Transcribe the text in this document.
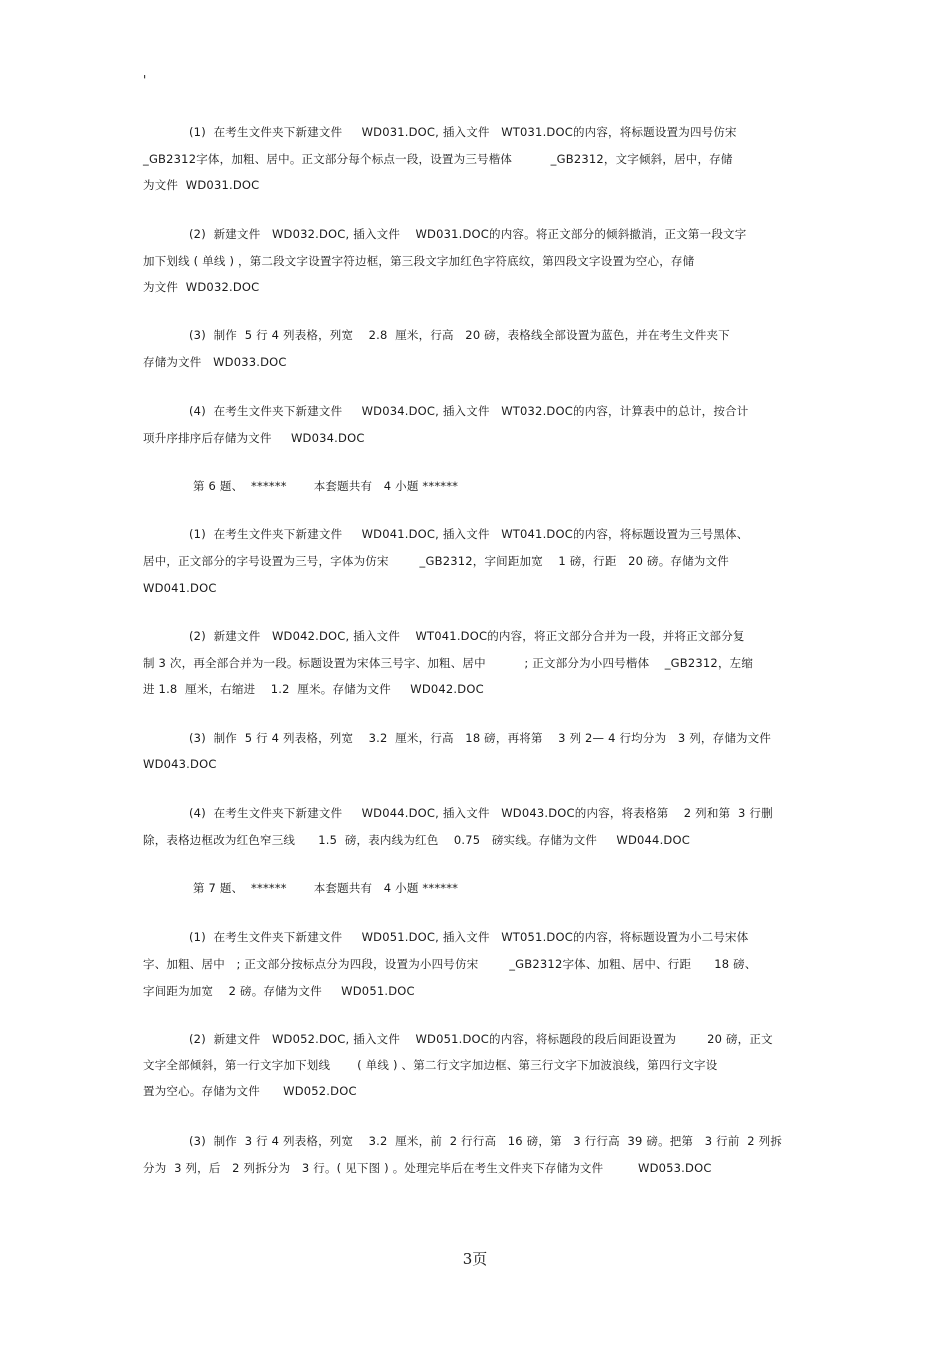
'
(1)  在考生文件夹下新建文件     WD031.DOC, 插入文件   WT031.DOC的内容，将标题设置为四号仿宋
_GB2312字体，加粗、居中。正文部分每个标点一段，设置为三号楷体          _GB2312，文字倾斜，居中，存储
为文件  WD031.DOC
(2)  新建文件   WD032.DOC, 插入文件    WD031.DOC的内容。将正文部分的倾斜撤消，正文第一段文字
加下划线 ( 单线 ) ，第二段文字设置字符边框，第三段文字加红色字符底纹，第四段文字设置为空心，存储
为文件  WD032.DOC
(3)  制作  5 行 4 列表格，列宽    2.8  厘米，行高   20 磅，表格线全部设置为蓝色，并在考生文件夹下
存储为文件   WD033.DOC
(4)  在考生文件夹下新建文件     WD034.DOC, 插入文件   WT032.DOC的内容，计算表中的总计，按合计
项升序排序后存储为文件     WD034.DOC
第 6 题、  ******       本套题共有   4 小题 ******
(1)  在考生文件夹下新建文件     WD041.DOC, 插入文件   WT041.DOC的内容，将标题设置为三号黑体、
居中，正文部分的字号设置为三号，字体为仿宋        _GB2312，字间距加宽    1 磅，行距   20 磅。存储为文件
WD041.DOC
(2)  新建文件   WD042.DOC, 插入文件    WT041.DOC的内容，将正文部分合并为一段，并将正文部分复
制 3 次，再全部合并为一段。标题设置为宋体三号字、加粗、居中          ; 正文部分为小四号楷体    _GB2312，左缩
进 1.8  厘米，右缩进    1.2  厘米。存储为文件     WD042.DOC
(3)  制作  5 行 4 列表格，列宽    3.2  厘米，行高   18 磅，再将第    3 列 2— 4 行均分为   3 列，存储为文件
WD043.DOC
(4)  在考生文件夹下新建文件     WD044.DOC, 插入文件   WD043.DOC的内容，将表格第    2 列和第  3 行删
除，表格边框改为红色窄三线      1.5  磅，表内线为红色    0.75   磅实线。存储为文件     WD044.DOC
第 7 题、  ******       本套题共有   4 小题 ******
(1)  在考生文件夹下新建文件     WD051.DOC, 插入文件   WT051.DOC的内容，将标题设置为小二号宋体
字、加粗、居中   ; 正文部分按标点分为四段，设置为小四号仿宋        _GB2312字体、加粗、居中、行距      18 磅、
字间距为加宽    2 磅。存储为文件     WD051.DOC
(2)  新建文件   WD052.DOC, 插入文件    WD051.DOC的内容，将标题段的段后间距设置为        20 磅，正文
文字全部倾斜，第一行文字加下划线       ( 单线 ) 、第二行文字加边框、第三行文字下加波浪线，第四行文字设
置为空心。存储为文件      WD052.DOC
(3)  制作  3 行 4 列表格，列宽    3.2  厘米，前  2 行行高   16 磅，第   3 行行高  39 磅。把第   3 行前  2 列拆
分为  3 列，后   2 列拆分为   3 行。( 见下图 ) 。处理完毕后在考生文件夹下存储为文件         WD053.DOC
3页
